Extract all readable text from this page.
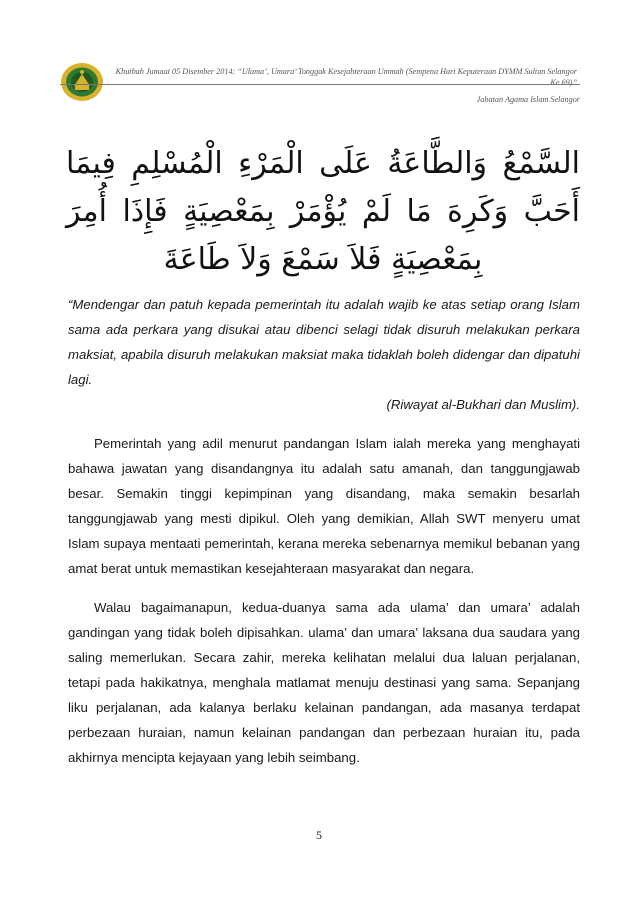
Khutbah Jumaat 05 Disember 2014: “Ulama’, Umara’ Tonggak Kesejahteraan Ummah (Sempena Hari Keputeraan DYMM Sultan Selangor Ke 69)”
Jabatan Agama Islam Selangor
السَّمْعُ وَالطَّاعَةُ عَلَى الْمَرْءِ الْمُسْلِمِ فِيمَا
أَحَبَّ وَكَرِهَ مَا لَمْ يُؤْمَرْ بِمَعْصِيَةٍ فَإِذَا أُمِرَ
بِمَعْصِيَةٍ فَلاَ سَمْعَ وَلاَ طَاعَةَ

“Mendengar dan patuh kepada pemerintah itu adalah wajib ke atas setiap orang Islam sama ada perkara yang disukai atau dibenci selagi tidak disuruh melakukan perkara maksiat, apabila disuruh melakukan maksiat maka tidaklah boleh didengar dan dipatuhi lagi.

(Riwayat al-Bukhari dan Muslim).

Pemerintah yang adil menurut pandangan Islam ialah mereka yang menghayati bahawa jawatan yang disandangnya itu adalah satu amanah, dan tanggungjawab besar. Semakin tinggi kepimpinan yang disandang, maka semakin besarlah tanggungjawab yang mesti dipikul. Oleh yang demikian, Allah SWT menyeru umat Islam supaya mentaati pemerintah, kerana mereka sebenarnya memikul bebanan yang amat berat untuk memastikan kesejahteraan masyarakat dan negara.

Walau bagaimanapun, kedua-duanya sama ada ulama’ dan umara’ adalah gandingan yang tidak boleh dipisahkan. ulama’ dan umara’ laksana dua saudara yang saling memerlukan. Secara zahir, mereka kelihatan melalui dua laluan perjalanan, tetapi pada hakikatnya, menghala matlamat menuju destinasi yang sama. Sepanjang liku perjalanan, ada kalanya berlaku kelainan pandangan, ada masanya terdapat perbezaan huraian, namun kelainan pandangan dan perbezaan huraian itu, pada akhirnya mencipta kejayaan yang lebih seimbang.

5
